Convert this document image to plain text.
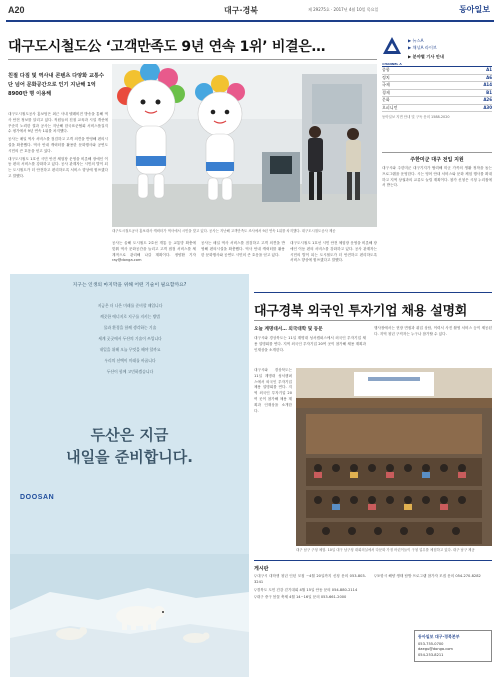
A20	대구·경북	제 29275호 · 2017년 4월 10일 목요일	동아일보
대구도시철도公 ‘고객만족도 9년 연속 1위’ 비결은…
친절 다짐 및 역사내 콘텐츠 다양화 교통수단 넘어 문화공간으로 인기 지난해 1억8900만 명 이용해

대구도시철도공사 홍보팀은 최근 사내 텔레비전 방송을 통해 역사 안전 정보를 알리고 있다. 직원들의 친절 교육과 시설 개선에 꾸준히 노력한 결과 공사는 지난해 한국표준협회 서비스품질지수 평가에서 9년 연속 1위를 차지했다.

공사는 매일 역사 서비스를 점검하고 고객 의견을 반영해 편의시설을 확충했다. 역사 안내 캐릭터를 활용한 문화행사와 공연도 시민의 큰 호응을 얻고 있다.

대구도시철도 1호선 시민 안전 체험장 운영을 비롯해 장애인 이동 편의 서비스를 강화하고 있다. 공사 관계자는 시민의 발이 되는 도시철도가 더 안전하고 편리하도록 서비스 향상에 힘쓰겠다고 말했다.

대구도시철도공사 홍보대사 캐릭터가 역사에서 시민을 맞고 있다. 공사는 지난해 고객만족도 조사에서 9년 연속 1위를 차지했다. 대구도시철도공사 제공

공사는 올해 도시철도 2호선 개통 등 교통망 확충에 맞춰 역사 문화공간을 늘리고 고객 접점 서비스를 체계적으로 관리해 나갈 계획이다. 정양환 기자 ray@donga.com

공사는 매일 역사 서비스를 점검하고 고객 의견을 반영해 편의시설을 확충했다. 역사 안내 캐릭터를 활용한 문화행사와 공연도 시민의 큰 호응을 얻고 있다.

대구도시철도 1호선 시민 안전 체험장 운영을 비롯해 장애인 이동 편의 서비스를 강화하고 있다. 공사 관계자는 시민의 발이 되는 도시철도가 더 안전하고 편리하도록 서비스 향상에 힘쓰겠다고 말했다.

CHANNEL A
▶ 뉴스A
▶ 채널A 라이브
▶ 분야별 기사 안내
종합	A1
정치	A6
국제	A14
경제	B1
문화	A26
오피니언	A30
동아일보 지면 안내 및 구독 문의 1588-2020
주한미군 대구 전입 지원

대구시와 주한미군 대구기지가 협력해 미군 가족의 생활 정착을 돕는 프로그램을 운영한다. 시는 영어 안내 서비스와 문화 체험 행사를 확대하고 지역 상권과의 교류도 늘릴 계획이다. 참가 신청은 시청 누리집에서 받는다.

지구는 인생의 마지막을 위해 어떤 기술이 필요할까요?
지금은 더 나은 미래를 준비할 때입니다
깨끗한 에너지로 지구를 지키는 방법
물과 환경을 함께 생각하는 기술
세계 곳곳에서 두산의 기술이 쓰입니다
내일을 위해 오늘 무엇을 해야 할까요
우리의 선택이 미래를 바꿉니다
두산이 함께 고민하겠습니다
두산은 지금
내일을 준비합니다.
DOOSAN
대구경북 외국인 투자기업 채용 설명회
오늘 계명대서… 외국대학 및 동문

대구시와 경상북도는 11일 계명대 성서캠퍼스에서 외국인 투자기업 채용 설명회를 연다. 지역 외국인 투자기업 20여 곳이 참가해 채용 계획과 인재상을 소개한다.

행사장에서는 현장 면접과 취업 상담, 이력서 사진 촬영 서비스 등이 제공된다. 지역 청년 구직자는 누구나 참가할 수 있다.

대구시와 경상북도는 11일 계명대 성서캠퍼스에서 외국인 투자기업 채용 설명회를 연다. 지역 외국인 투자기업 20여 곳이 참가해 채용 계획과 인재상을 소개한다.

대구 남구 구청 체험. 10일 대구 남구청 대회의실에서 다문화 가정 어린이들이 구청 업무를 체험하고 있다. 대구 남구 제공
게시판

▽대구시 대학생 청년 인턴 모집 ~4월 20일까지 신청 문의 053-803-3241

▽경북도 도민 건강 걷기대회 4월 15일 안동 문의 054-880-2114

▽대구 중구 봄꽃 축제 4월 14~16일 문의 053-661-2000

▽포항시 해양 생태 탐방 프로그램 참가자 모집 문의 054-270-8282

동아일보 대구·경북본부
053-755-0700
daegu@donga.com
054-253-8211
